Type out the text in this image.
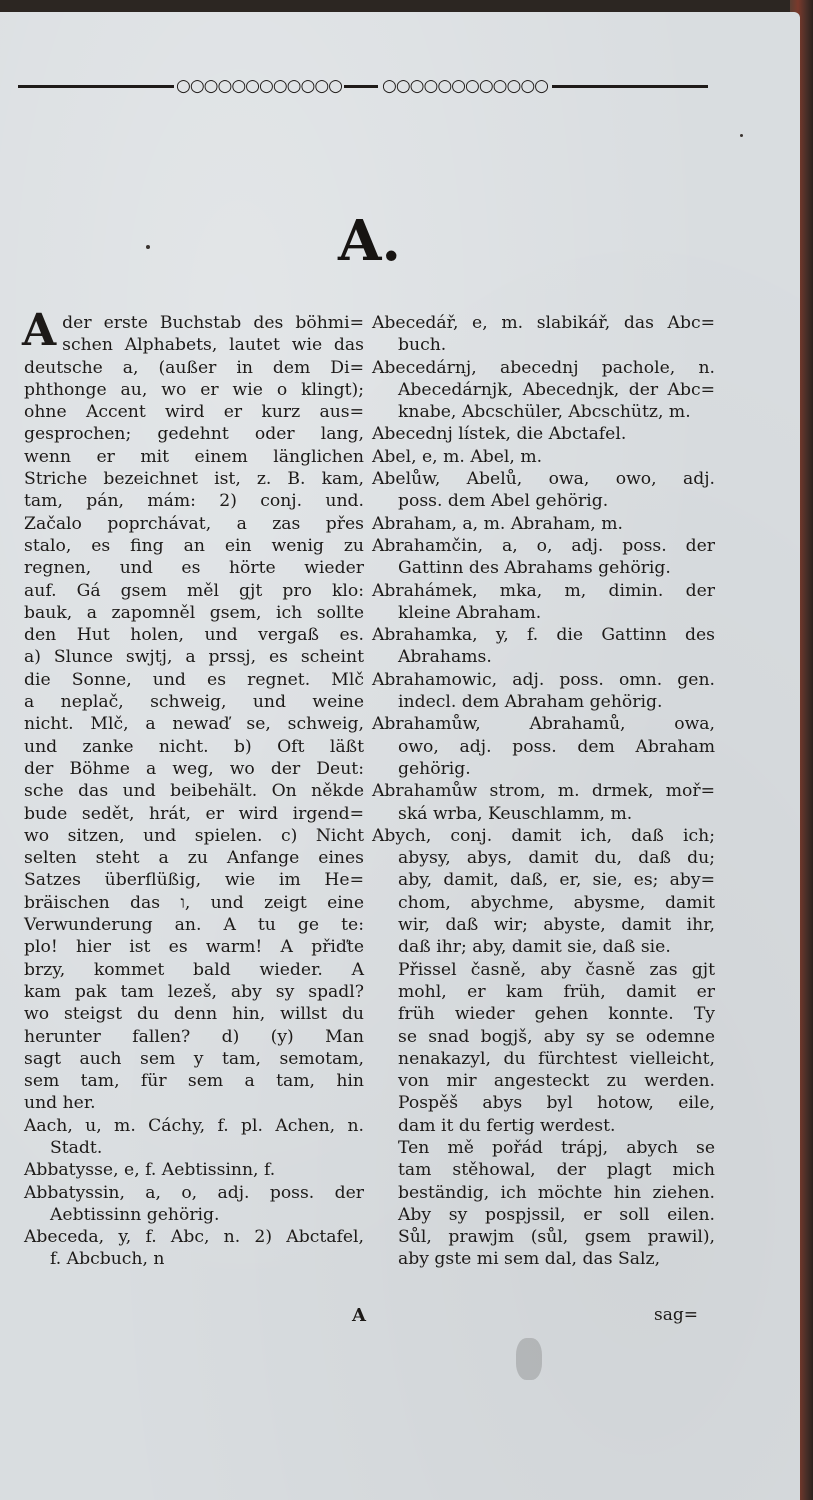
○○○○○○○○○○○○ ○○○○○○○○○○○○
A.
A der erste Buchstab des böhmi=

schen Alphabets, lautet wie das

deutsche a, (außer in dem Di=

phthonge au, wo er wie o klingt);

ohne Accent wird er kurz aus=

gesprochen; gedehnt oder lang,

wenn er mit einem länglichen

Striche bezeichnet ist, z. B. kam,

tam, pán, mám: 2) conj. und.

Začalo poprchávat, a zas přes

stalo, es fing an ein wenig zu

regnen, und es hörte wieder

auf. Gá gsem měl gjt pro klo:

bauk, a zapomněl gsem, ich sollte

den Hut holen, und vergaß es.

a) Slunce swjtj, a prssj, es scheint

die Sonne, und es regnet. Mlč

a neplač, schweig, und weine

nicht. Mlč, a newaď se, schweig,

und zanke nicht. b) Oft läßt

der Böhme a weg, wo der Deut:

sche das und beibehält. On někde

bude sedět, hrát, er wird irgend=

wo sitzen, und spielen. c) Nicht

selten steht a zu Anfange eines

Satzes überflüßig, wie im He=

bräischen das ו, und zeigt eine

Verwunderung an. A tu ge te:

plo! hier ist es warm! A přiďte

brzy, kommet bald wieder. A

kam pak tam lezeš, aby sy spadl?

wo steigst du denn hin, willst du

herunter fallen? d) (y) Man

sagt auch sem y tam, semotam,

sem tam, für sem a tam, hin

und her.

Aach, u, m. Cáchy, f. pl. Achen, n.

Stadt.

Abbatysse, e, f. Aebtissinn, f.

Abbatyssin, a, o, adj. poss. der

Aebtissinn gehörig.

Abeceda, y, f. Abc, n. 2) Abctafel,

f. Abcbuch, n

Abecedář, e, m. slabikář, das Abc=

buch.

Abecedárnj, abecednj pachole, n.

Abecedárnjk, Abecednjk, der Abc=

knabe, Abcschüler, Abcschütz, m.

Abecednj lístek, die Abctafel.

Abel, e, m. Abel, m.

Abelůw, Abelů, owa, owo, adj.

poss. dem Abel gehörig.

Abraham, a, m. Abraham, m.

Abrahamčin, a, o, adj. poss. der

Gattinn des Abrahams gehörig.

Abrahámek, mka, m, dimin. der

kleine Abraham.

Abrahamka, y, f. die Gattinn des

Abrahams.

Abrahamowic, adj. poss. omn. gen.

indecl. dem Abraham gehörig.

Abrahamůw, Abrahamů, owa,

owo, adj. poss. dem Abraham

gehörig.

Abrahamůw strom, m. drmek, moř=

ská wrba, Keuschlamm, m.

Abych, conj. damit ich, daß ich;

abysy, abys, damit du, daß du;

aby, damit, daß, er, sie, es; aby=

chom, abychme, abysme, damit

wir, daß wir; abyste, damit ihr,

daß ihr; aby, damit sie, daß sie.

Přissel časně, aby časně zas gjt

mohl, er kam früh, damit er

früh wieder gehen konnte. Ty

se snad bogjš, aby sy se odemne

nenakazyl, du fürchtest vielleicht,

von mir angesteckt zu werden.

Pospěš abys byl hotow, eile,

dam it du fertig werdest.

Ten mě pořád trápj, abych se

tam stěhowal, der plagt mich

beständig, ich möchte hin ziehen.

Aby sy pospjssil, er soll eilen.

Sůl, prawjm (sůl, gsem prawil),

aby gste mi sem dal, das Salz,

A	sag=
